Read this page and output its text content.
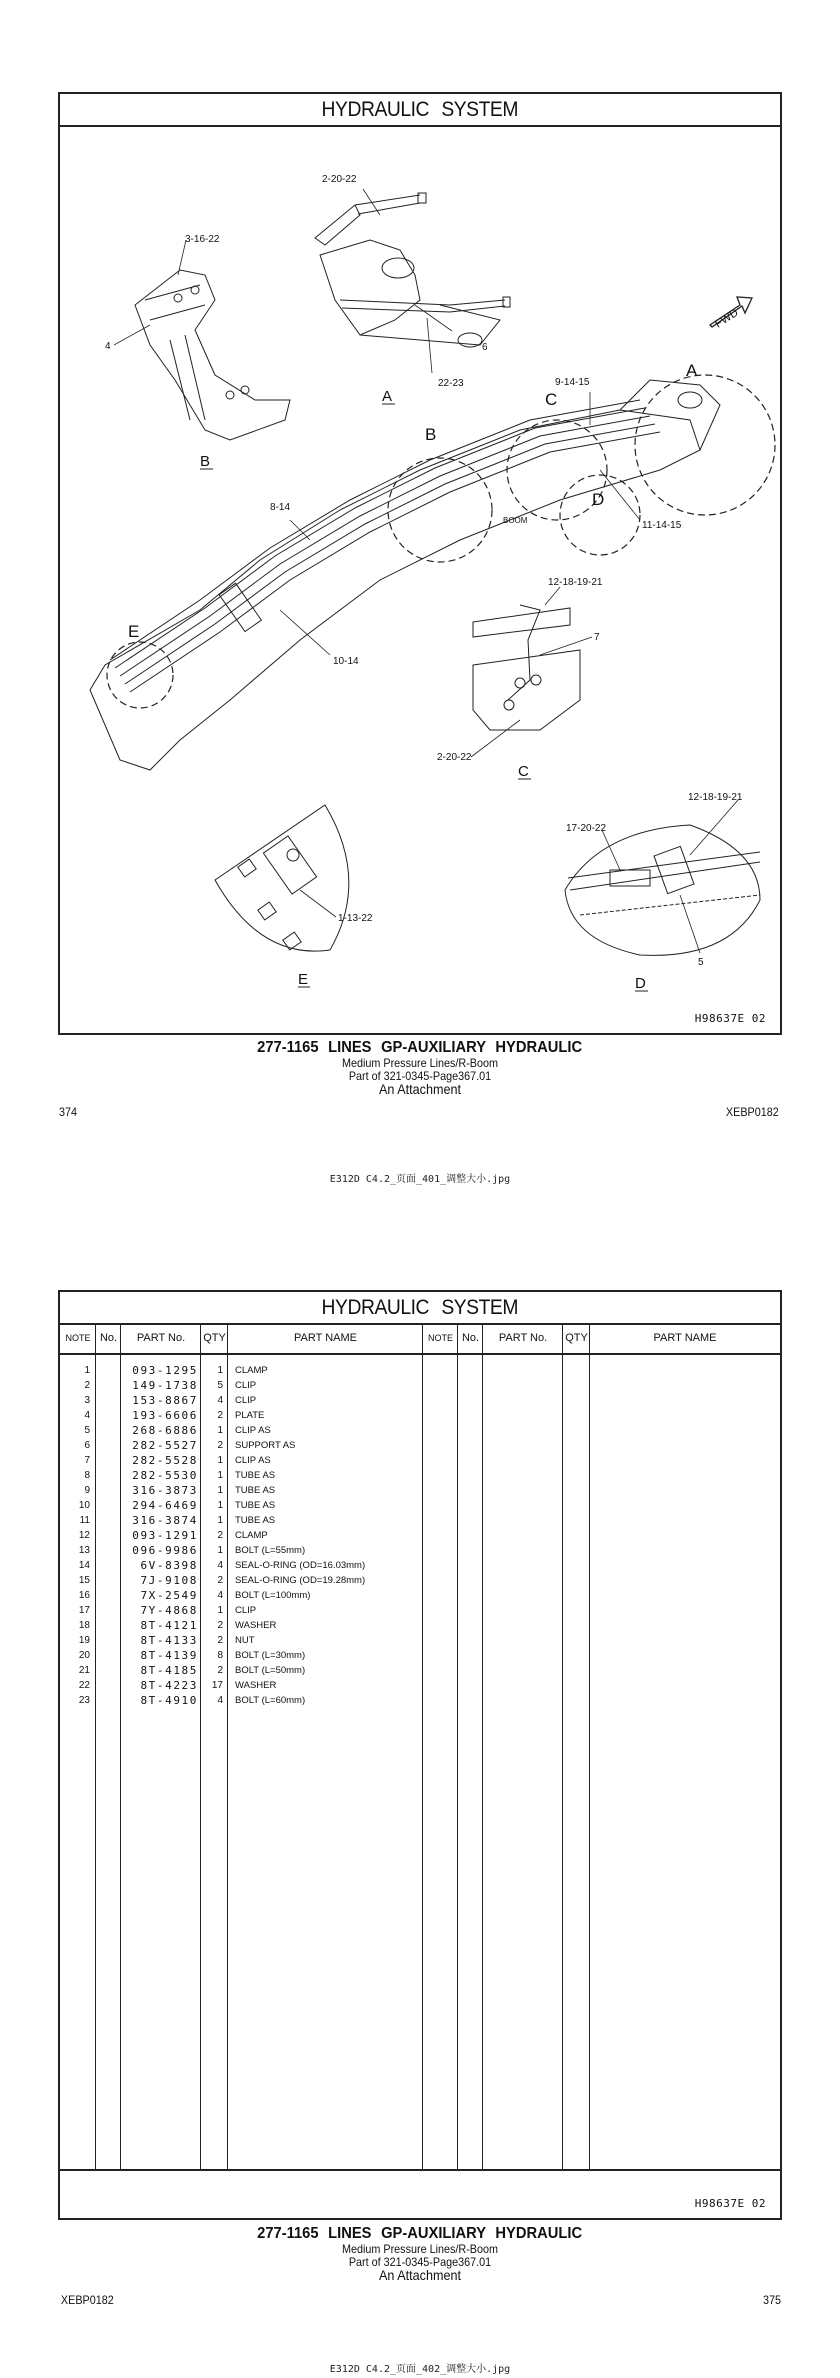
HYDRAULIC SYSTEM
H98637E 02
2-20-22
6
22-23
3-16-22
4
12-18-19-21
7
2-20-22
12-18-19-21
17-20-22
5
1-13-22
9-14-15
11-14-15
8-14
10-14
BOOM
FWD
A
B
C
D
E
A
B
C
D
E
277-1165 LINES GP-AUXILIARY HYDRAULIC
Medium Pressure Lines/R-Boom
Part of 321-0345-Page367.01
An Attachment
374	XEBP0182
E312D C4.2_页面_401_调整大小.jpg
HYDRAULIC SYSTEM
NOTE No.	PART No.	QTY	PART NAME	NOTE No.	PART No.	QTY	PART NAME
1	093-1295	1 CLAMP
2	149-1738	5 CLIP
3	153-8867	4 CLIP
4	193-6606	2 PLATE
5	268-6886	1 CLIP AS
6	282-5527	2 SUPPORT AS
7	282-5528	1 CLIP AS
8	282-5530	1 TUBE AS
9	316-3873	1 TUBE AS
10	294-6469	1 TUBE AS
11	316-3874	1 TUBE AS
12	093-1291	2 CLAMP
13	096-9986	1 BOLT (L=55mm)
14	6V-8398	4 SEAL-O-RING (OD=16.03mm)
15	7J-9108	2 SEAL-O-RING (OD=19.28mm)
16	7X-2549	4 BOLT (L=100mm)
17	7Y-4868	1 CLIP
18	8T-4121	2 WASHER
19	8T-4133	2 NUT
20	8T-4139	8 BOLT (L=30mm)
21	8T-4185	2 BOLT (L=50mm)
22	8T-4223	17 WASHER
23	8T-4910	4 BOLT (L=60mm)
H98637E 02
277-1165 LINES GP-AUXILIARY HYDRAULIC
Medium Pressure Lines/R-Boom
Part of 321-0345-Page367.01
An Attachment
XEBP0182	375
E312D C4.2_页面_402_调整大小.jpg
